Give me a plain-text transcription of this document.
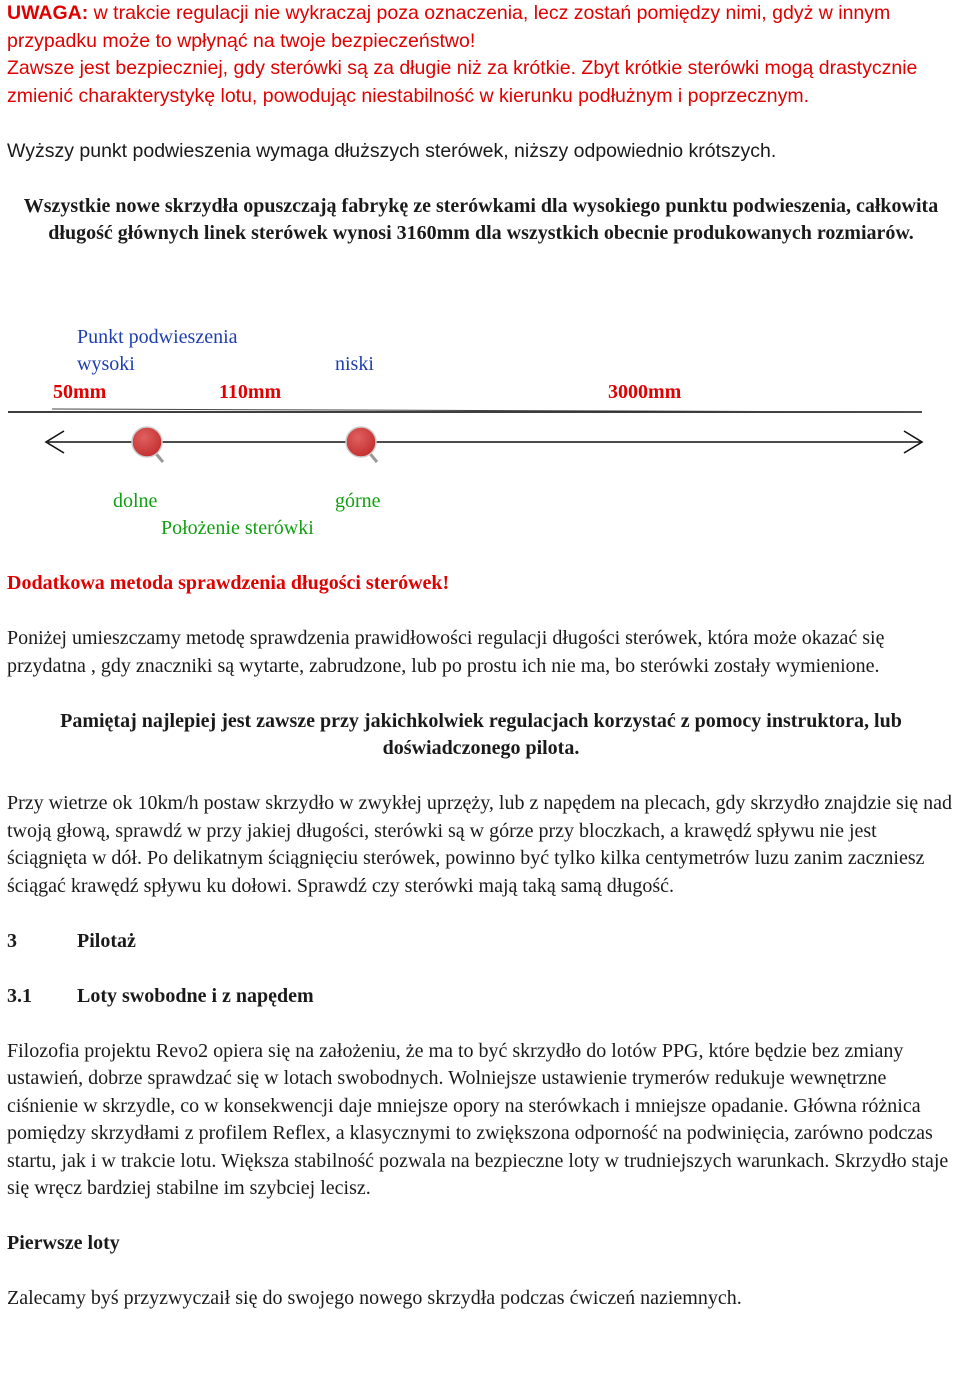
UWAGA: w trakcie regulacji nie wykraczaj poza oznaczenia, lecz zostań pomiędzy nimi, gdyż w innym przypadku może to wpłynąć na twoje bezpieczeństwo!

Zawsze jest bezpieczniej, gdy sterówki są za długie niż za krótkie. Zbyt krótkie sterówki mogą drastycznie zmienić charakterystykę lotu, powodując niestabilność w kierunku podłużnym i poprzecznym.

Wyższy punkt podwieszenia wymaga dłuższych sterówek, niższy odpowiednio krótszych.

Wszystkie nowe skrzydła opuszczają fabrykę ze sterówkami dla wysokiego punktu podwieszenia, całkowita długość głównych linek sterówek wynosi 3160mm dla wszystkich obecnie produkowanych rozmiarów.

Punkt podwieszenia
wysoki	niski
50mm	110mm	3000mm
dolne	górne
Położenie sterówki

Dodatkowa metoda sprawdzenia długości sterówek!

Poniżej umieszczamy metodę sprawdzenia prawidłowości regulacji długości sterówek, która może okazać się przydatna , gdy znaczniki są wytarte, zabrudzone, lub po prostu ich nie ma, bo sterówki zostały wymienione.

Pamiętaj najlepiej jest zawsze przy jakichkolwiek regulacjach korzystać z pomocy instruktora, lub doświadczonego pilota.

Przy wietrze ok 10km/h postaw skrzydło w zwykłej uprzęży, lub z napędem na plecach, gdy skrzydło znajdzie się nad twoją głową, sprawdź w przy jakiej długości, sterówki są w górze przy bloczkach, a krawędź spływu nie jest ściągnięta w dół. Po delikatnym ściągnięciu sterówek, powinno być tylko kilka centymetrów luzu zanim zaczniesz ściągać krawędź spływu ku dołowi. Sprawdź czy sterówki mają taką samą długość.

3	Pilotaż

3.1 Loty swobodne i z napędem

Filozofia projektu Revo2 opiera się na założeniu, że ma to być skrzydło do lotów PPG, które będzie bez zmiany ustawień, dobrze sprawdzać się w lotach swobodnych. Wolniejsze ustawienie trymerów redukuje wewnętrzne ciśnienie w skrzydle, co w konsekwencji daje mniejsze opory na sterówkach i mniejsze opadanie. Główna różnica pomiędzy skrzydłami z profilem Reflex, a klasycznymi to zwiększona odporność na podwinięcia, zarówno podczas startu, jak i w trakcie lotu. Większa stabilność pozwala na bezpieczne loty w trudniejszych warunkach. Skrzydło staje się wręcz bardziej stabilne im szybciej lecisz.

Pierwsze loty

Zalecamy byś przyzwyczaił się do swojego nowego skrzydła podczas ćwiczeń naziemnych.
